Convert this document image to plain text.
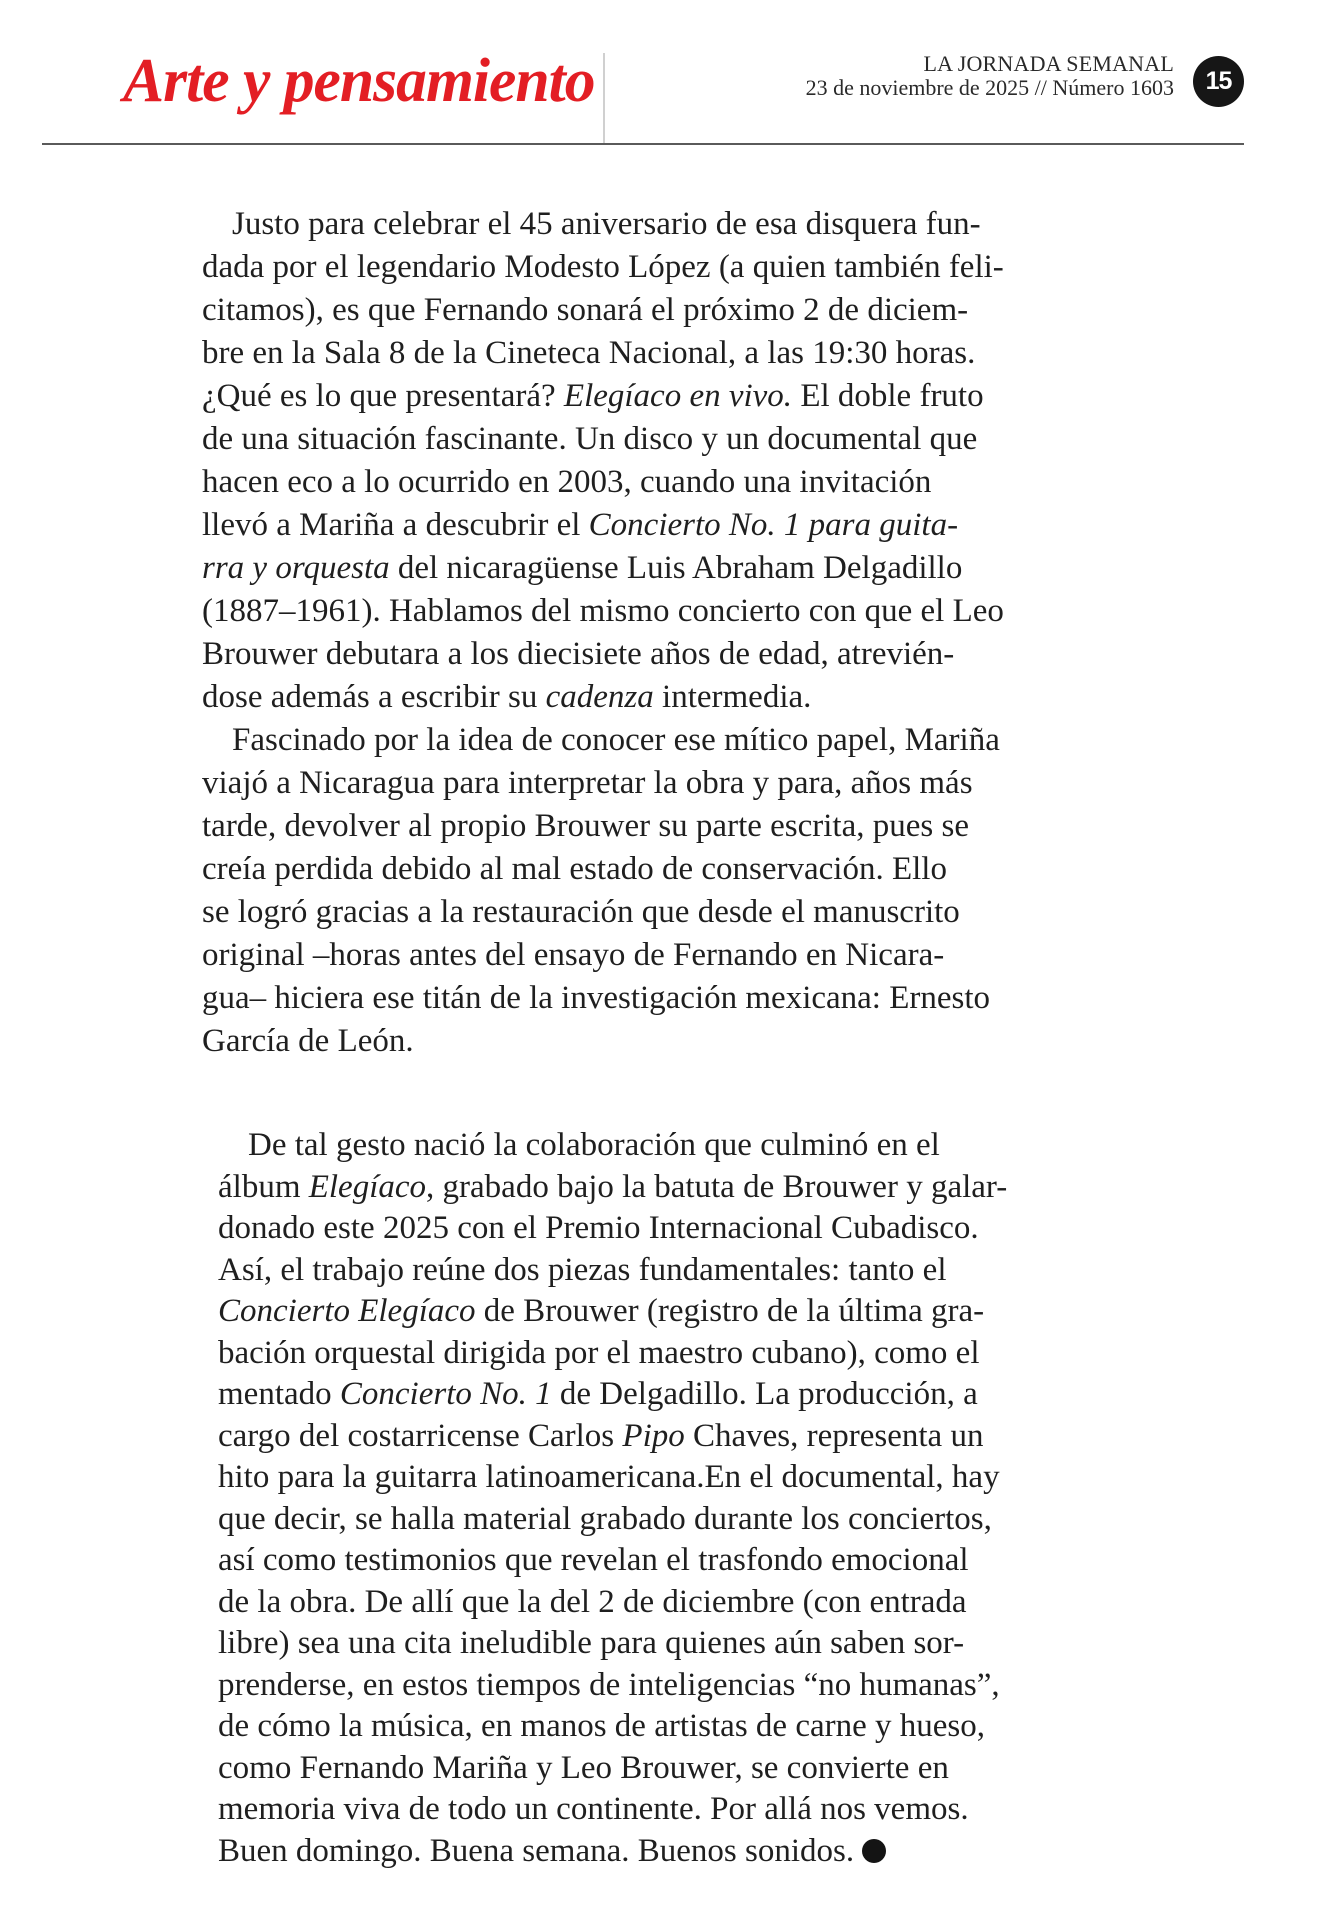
Arte y pensamiento	LA JORNADA SEMANAL
23 de noviembre de 2025 // Número 1603 15
Justo para celebrar el 45 aniversario de esa disquera fun-
dada por el legendario Modesto López (a quien también feli-
citamos), es que Fernando sonará el próximo 2 de diciem-
bre en la Sala 8 de la Cineteca Nacional, a las 19:30 horas.
¿Qué es lo que presentará? Elegíaco en vivo. El doble fruto
de una situación fascinante. Un disco y un documental que
hacen eco a lo ocurrido en 2003, cuando una invitación
llevó a Mariña a descubrir el Concierto No. 1 para guita-
rra y orquesta del nicaragüense Luis Abraham Delgadillo
(1887–1961). Hablamos del mismo concierto con que el Leo
Brouwer debutara a los diecisiete años de edad, atrevién-
dose además a escribir su cadenza intermedia.
Fascinado por la idea de conocer ese mítico papel, Mariña
viajó a Nicaragua para interpretar la obra y para, años más
tarde, devolver al propio Brouwer su parte escrita, pues se
creía perdida debido al mal estado de conservación. Ello
se logró gracias a la restauración que desde el manuscrito
original –horas antes del ensayo de Fernando en Nicara-
gua– hiciera ese titán de la investigación mexicana: Ernesto
García de León.
De tal gesto nació la colaboración que culminó en el
álbum Elegíaco, grabado bajo la batuta de Brouwer y galar-
donado este 2025 con el Premio Internacional Cubadisco.
Así, el trabajo reúne dos piezas fundamentales: tanto el
Concierto Elegíaco de Brouwer (registro de la última gra-
bación orquestal dirigida por el maestro cubano), como el
mentado Concierto No. 1 de Delgadillo. La producción, a
cargo del costarricense Carlos Pipo Chaves, representa un
hito para la guitarra latinoamericana.En el documental, hay
que decir, se halla material grabado durante los conciertos,
así como testimonios que revelan el trasfondo emocional
de la obra. De allí que la del 2 de diciembre (con entrada
libre) sea una cita ineludible para quienes aún saben sor-
prenderse, en estos tiempos de inteligencias “no humanas”,
de cómo la música, en manos de artistas de carne y hueso,
como Fernando Mariña y Leo Brouwer, se convierte en
memoria viva de todo un continente. Por allá nos vemos.
Buen domingo. Buena semana. Buenos sonidos.
